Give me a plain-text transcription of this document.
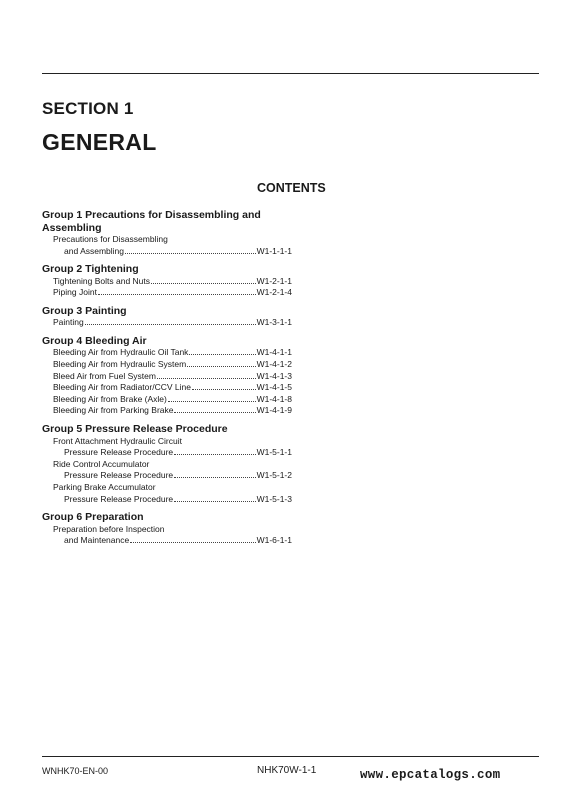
SECTION 1
GENERAL
CONTENTS
Group 1 Precautions for Disassembling and Assembling
Precautions for Disassembling
and Assembling	W1-1-1-1
Group 2 Tightening
Tightening Bolts and Nuts	W1-2-1-1
Piping Joint	W1-2-1-4
Group 3 Painting
Painting	W1-3-1-1
Group 4 Bleeding Air
Bleeding Air from Hydraulic Oil Tank	W1-4-1-1
Bleeding Air from Hydraulic System	W1-4-1-2
Bleed Air from Fuel System	W1-4-1-3
Bleeding Air from Radiator/CCV Line	W1-4-1-5
Bleeding Air from Brake (Axle)	W1-4-1-8
Bleeding Air from Parking Brake	W1-4-1-9
Group 5 Pressure Release Procedure
Front Attachment Hydraulic Circuit
Pressure Release Procedure	W1-5-1-1
Ride Control Accumulator
Pressure Release Procedure	W1-5-1-2
Parking Brake Accumulator
Pressure Release Procedure	W1-5-1-3
Group 6 Preparation
Preparation before Inspection
and Maintenance	W1-6-1-1
WNHK70-EN-00	NHK70W-1-1	www.epcatalogs.com
